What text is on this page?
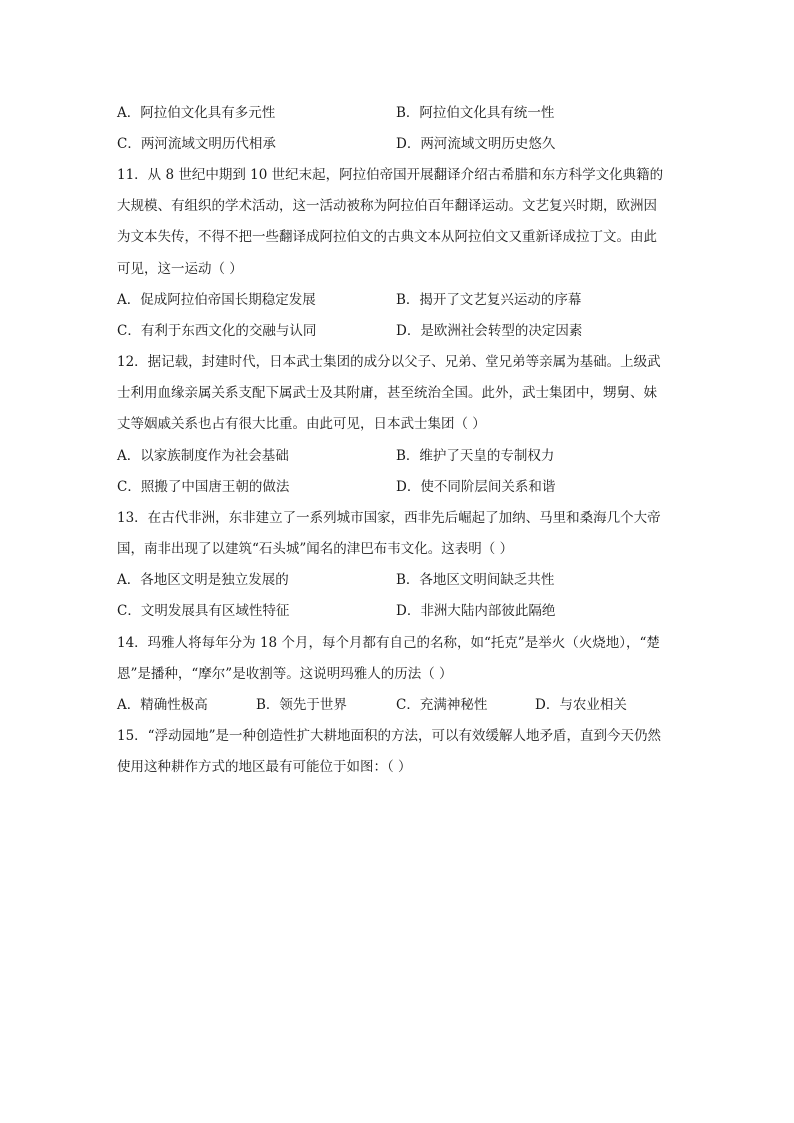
A．阿拉伯文化具有多元性	B．阿拉伯文化具有统一性
C．两河流域文明历代相承	D．两河流域文明历史悠久
11．从 8 世纪中期到 10 世纪末起，阿拉伯帝国开展翻译介绍古希腊和东方科学文化典籍的
大规模、有组织的学术活动，这一活动被称为阿拉伯百年翻译运动。文艺复兴时期，欧洲因
为文本失传，不得不把一些翻译成阿拉伯文的古典文本从阿拉伯文又重新译成拉丁文。由此
可见，这一运动（ ）
A．促成阿拉伯帝国长期稳定发展	B．揭开了文艺复兴运动的序幕
C．有利于东西文化的交融与认同	D．是欧洲社会转型的决定因素
12．据记载，封建时代，日本武士集团的成分以父子、兄弟、堂兄弟等亲属为基础。上级武
士利用血缘亲属关系支配下属武士及其附庸，甚至统治全国。此外，武士集团中，甥舅、妹
丈等姻戚关系也占有很大比重。由此可见，日本武士集团（ ）
A．以家族制度作为社会基础	B．维护了天皇的专制权力
C．照搬了中国唐王朝的做法	D．使不同阶层间关系和谐
13．在古代非洲，东非建立了一系列城市国家，西非先后崛起了加纳、马里和桑海几个大帝
国，南非出现了以建筑“石头城”闻名的津巴布韦文化。这表明（ ）
A．各地区文明是独立发展的	B．各地区文明间缺乏共性
C．文明发展具有区域性特征	D．非洲大陆内部彼此隔绝
14．玛雅人将每年分为 18 个月，每个月都有自己的名称，如“托克”是举火（火烧地），“楚
恩”是播种，“摩尔”是收割等。这说明玛雅人的历法（ ）
A．精确性极高	B．领先于世界	C．充满神秘性	D．与农业相关
15．“浮动园地”是一种创造性扩大耕地面积的方法，可以有效缓解人地矛盾，直到今天仍然
使用这种耕作方式的地区最有可能位于如图：（ ）
